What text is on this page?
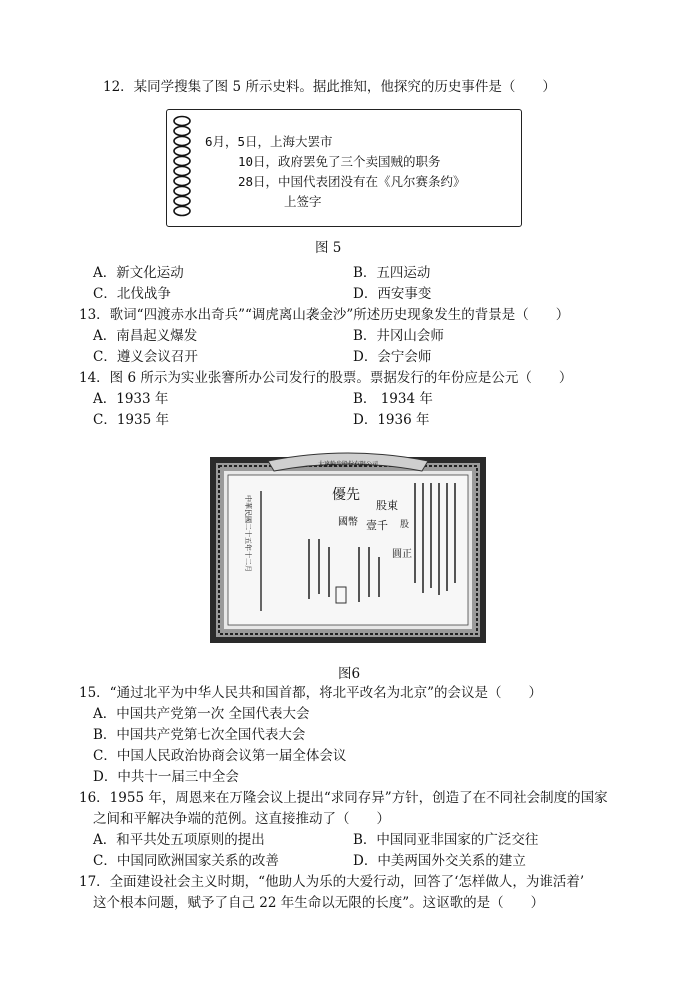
12．某同学搜集了图 5 所示史料。据此推知，他探究的历史事件是（　　）
6月，5日，上海大罢市
10日，政府罢免了三个卖国贼的职务
28日，中国代表团没有在《凡尔赛条约》
上签字
图 5
A．新文化运动	B．五四运动
C．北伐战争	D．西安事变
13．歌词“四渡赤水出奇兵”“调虎离山袭金沙”所述历史现象发生的背景是（　　）
A．南昌起义爆发	B．井冈山会师
C．遵义会议召开	D．会宁会师
14．图 6 所示为实业张謇所办公司发行的股票。票据发行的年份应是公元（　　）
A．1933 年	B． 1934 年
C．1935 年	D．1936 年
大達輪步股份有限公司
優先
股東
國幣 壹千
圓正
股
中華民國二十五年十二月
图6
15．“通过北平为中华人民共和国首都，将北平改名为北京”的会议是（　　）
A．中国共产党第一次 全国代表大会
B．中国共产党第七次全国代表大会
C．中国人民政治协商会议第一届全体会议
D．中共十一届三中全会
16．1955 年，周恩来在万隆会议上提出“求同存异”方针，创造了在不同社会制度的国家
之间和平解决争端的范例。这直接推动了（　　）
A．和平共处五项原则的提出	B．中国同亚非国家的广泛交往
C．中国同欧洲国家关系的改善	D．中美两国外交关系的建立
17．全面建设社会主义时期，“他助人为乐的大爱行动，回答了‘怎样做人，为谁活着’
这个根本问题，赋予了自己 22 年生命以无限的长度”。这讴歌的是（　　）
